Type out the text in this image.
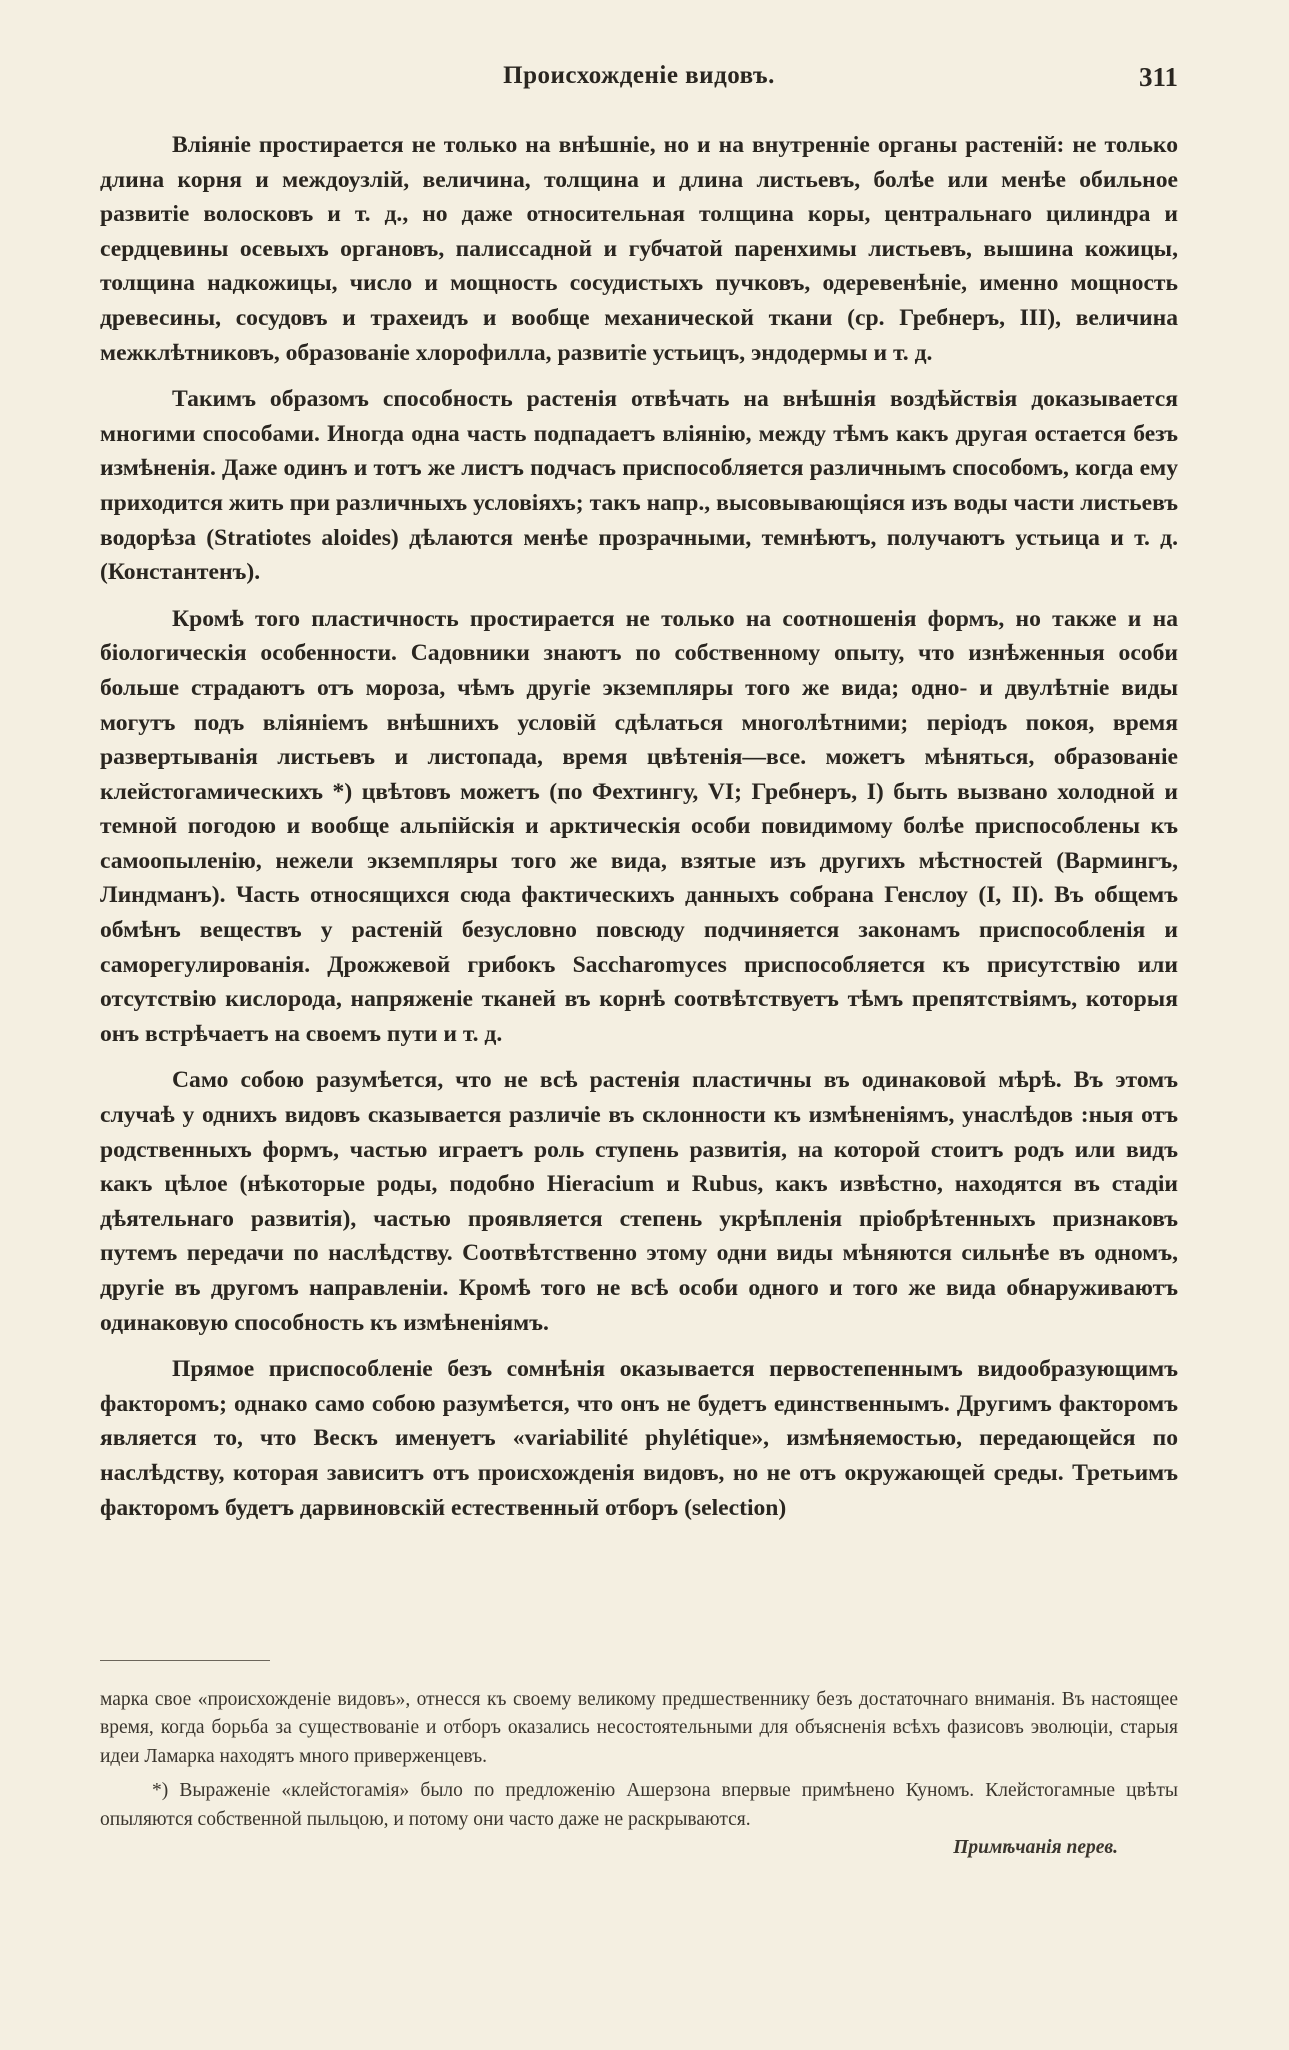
Происхожденіе видовъ.	311

Вліяніе простирается не только на внѣшніе, но и на внутренніе органы растеній: не только длина корня и междоузлій, величина, толщина и длина листьевъ, болѣе или менѣе обильное развитіе волосковъ и т. д., но даже относительная толщина коры, центральнаго цилиндра и сердцевины осевыхъ органовъ, палиссадной и губчатой паренхимы листьевъ, вышина кожицы, толщина надкожицы, число и мощность сосудистыхъ пучковъ, одеревенѣніе, именно мощность древесины, сосудовъ и трахеидъ и вообще механической ткани (ср. Гребнеръ, III), величина межклѣтниковъ, образованіе хлорофилла, развитіе устьицъ, эндодермы и т. д.

Такимъ образомъ способность растенія отвѣчать на внѣшнія воздѣйствія доказывается многими способами. Иногда одна часть подпадаетъ вліянію, между тѣмъ какъ другая остается безъ измѣненія. Даже одинъ и тотъ же листъ подчасъ приспособляется различнымъ способомъ, когда ему приходится жить при различныхъ условіяхъ; такъ напр., высовывающіяся изъ воды части листьевъ водорѣза (Stratiotes aloides) дѣлаются менѣе прозрачными, темнѣютъ, получаютъ устьица и т. д. (Константенъ).

Кромѣ того пластичность простирается не только на соотношенія формъ, но также и на біологическія особенности. Садовники знаютъ по собственному опыту, что изнѣженныя особи больше страдаютъ отъ мороза, чѣмъ другіе экземпляры того же вида; одно- и двулѣтніе виды могутъ подъ вліяніемъ внѣшнихъ условій сдѣлаться многолѣтними; періодъ покоя, время развертыванія листьевъ и листопада, время цвѣтенія—все. можетъ мѣняться, образованіе клейстогамическихъ *) цвѣтовъ можетъ (по Фехтингу, VI; Гребнеръ, I) быть вызвано холодной и темной погодою и вообще альпійскія и арктическія особи повидимому болѣе приспособлены къ самоопыленію, нежели экземпляры того же вида, взятые изъ другихъ мѣстностей (Вармингъ, Линдманъ). Часть относящихся сюда фактическихъ данныхъ собрана Генслоу (I, II). Въ общемъ обмѣнъ веществъ у растеній безусловно повсюду подчиняется законамъ приспособленія и саморегулированія. Дрожжевой грибокъ Saccharomyces приспособляется къ присутствію или отсутствію кислорода, напряженіе тканей въ корнѣ соотвѣтствуетъ тѣмъ препятствіямъ, которыя онъ встрѣчаетъ на своемъ пути и т. д.

Само собою разумѣется, что не всѣ растенія пластичны въ одинаковой мѣрѣ. Въ этомъ случаѣ у однихъ видовъ сказывается различіе въ склонности къ измѣненіямъ, унаслѣдов :ныя отъ родственныхъ формъ, частью играетъ роль ступень развитія, на которой стоитъ родъ или видъ какъ цѣлое (нѣкоторые роды, подобно Hieracium и Rubus, какъ извѣстно, находятся въ стадіи дѣятельнаго развитія), частью проявляется степень укрѣпленія пріобрѣтенныхъ признаковъ путемъ передачи по наслѣдству. Соотвѣтственно этому одни виды мѣняются сильнѣе въ одномъ, другіе въ другомъ направленіи. Кромѣ того не всѣ особи одного и того же вида обнаруживаютъ одинаковую способность къ измѣненіямъ.

Прямое приспособленіе безъ сомнѣнія оказывается первостепеннымъ видообразующимъ факторомъ; однако само собою разумѣется, что онъ не будетъ единственнымъ. Другимъ факторомъ является то, что Вескъ именуетъ «variabilité phylétique», измѣняемостью, передающейся по наслѣдству, которая зависитъ отъ происхожденія видовъ, но не отъ окружающей среды. Третьимъ факторомъ будетъ дарвиновскій естественный отборъ (selection)

марка свое «происхожденіе видовъ», отнесся къ своему великому предшественнику безъ достаточнаго вниманія. Въ настоящее время, когда борьба за существованіе и отборъ оказались несостоятельными для объясненія всѣхъ фазисовъ эволюціи, старыя идеи Ламарка находятъ много приверженцевъ.

*) Выраженіе «клейстогамія» было по предложенію Ашерзона впервые примѣнено Куномъ. Клейстогамные цвѣты опыляются собственной пыльцою, и потому они часто даже не раскрываются.

Примѣчанія перев.
